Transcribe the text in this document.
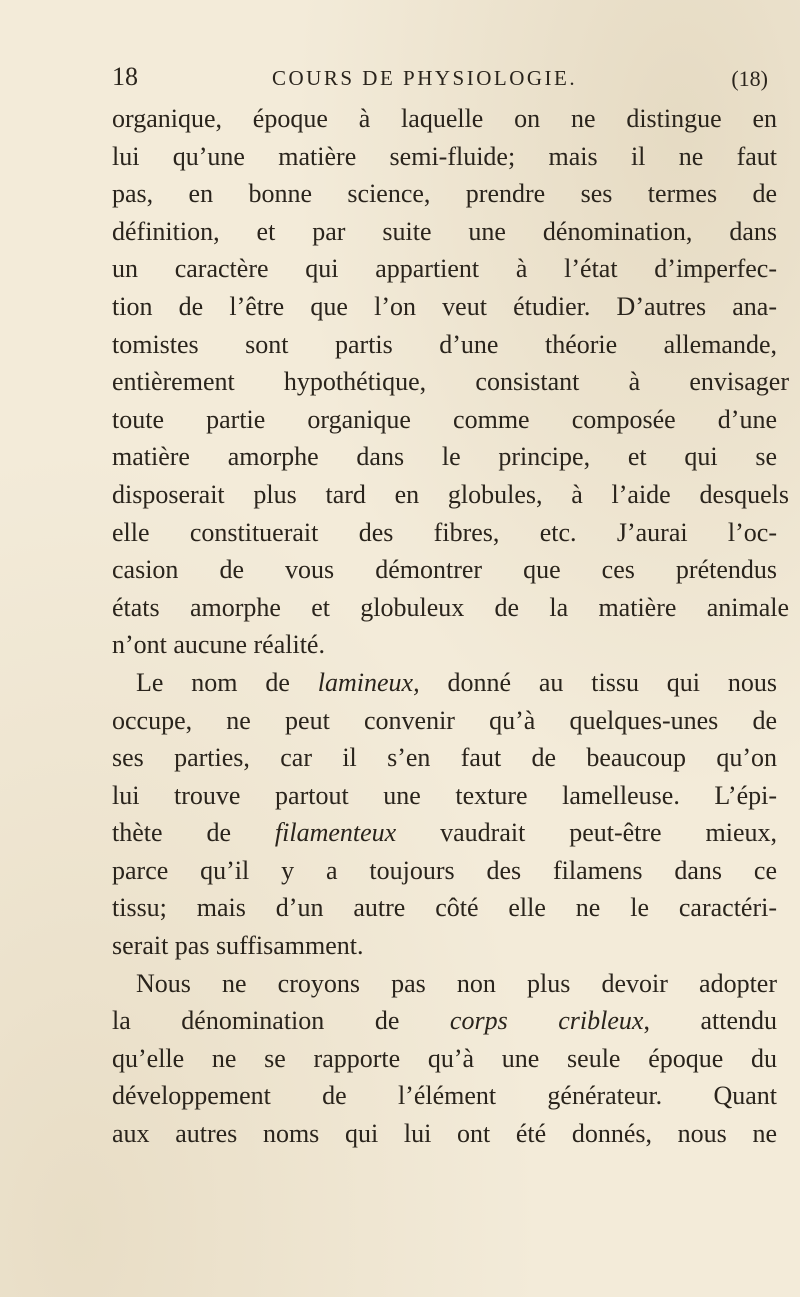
18	COURS DE PHYSIOLOGIE.	(18)
organique, époque à laquelle on ne distingue en
lui qu’une matière semi-fluide; mais il ne faut
pas, en bonne science, prendre ses termes de
définition, et par suite une dénomination, dans
un caractère qui appartient à l’état d’imperfec-
tion de l’être que l’on veut étudier. D’autres ana-
tomistes sont partis d’une théorie allemande,
entièrement hypothétique, consistant à envisager
toute partie organique comme composée d’une
matière amorphe dans le principe, et qui se
disposerait plus tard en globules, à l’aide desquels
elle constituerait des fibres, etc. J’aurai l’oc-
casion de vous démontrer que ces prétendus
états amorphe et globuleux de la matière animale
n’ont aucune réalité.
Le nom de lamineux, donné au tissu qui nous
occupe, ne peut convenir qu’à quelques-unes de
ses parties, car il s’en faut de beaucoup qu’on
lui trouve partout une texture lamelleuse. L’épi-
thète de filamenteux vaudrait peut-être mieux,
parce qu’il y a toujours des filamens dans ce
tissu; mais d’un autre côté elle ne le caractéri-
serait pas suffisamment.
Nous ne croyons pas non plus devoir adopter
la dénomination de corps cribleux, attendu
qu’elle ne se rapporte qu’à une seule époque du
développement de l’élément générateur. Quant
aux autres noms qui lui ont été donnés, nous ne
